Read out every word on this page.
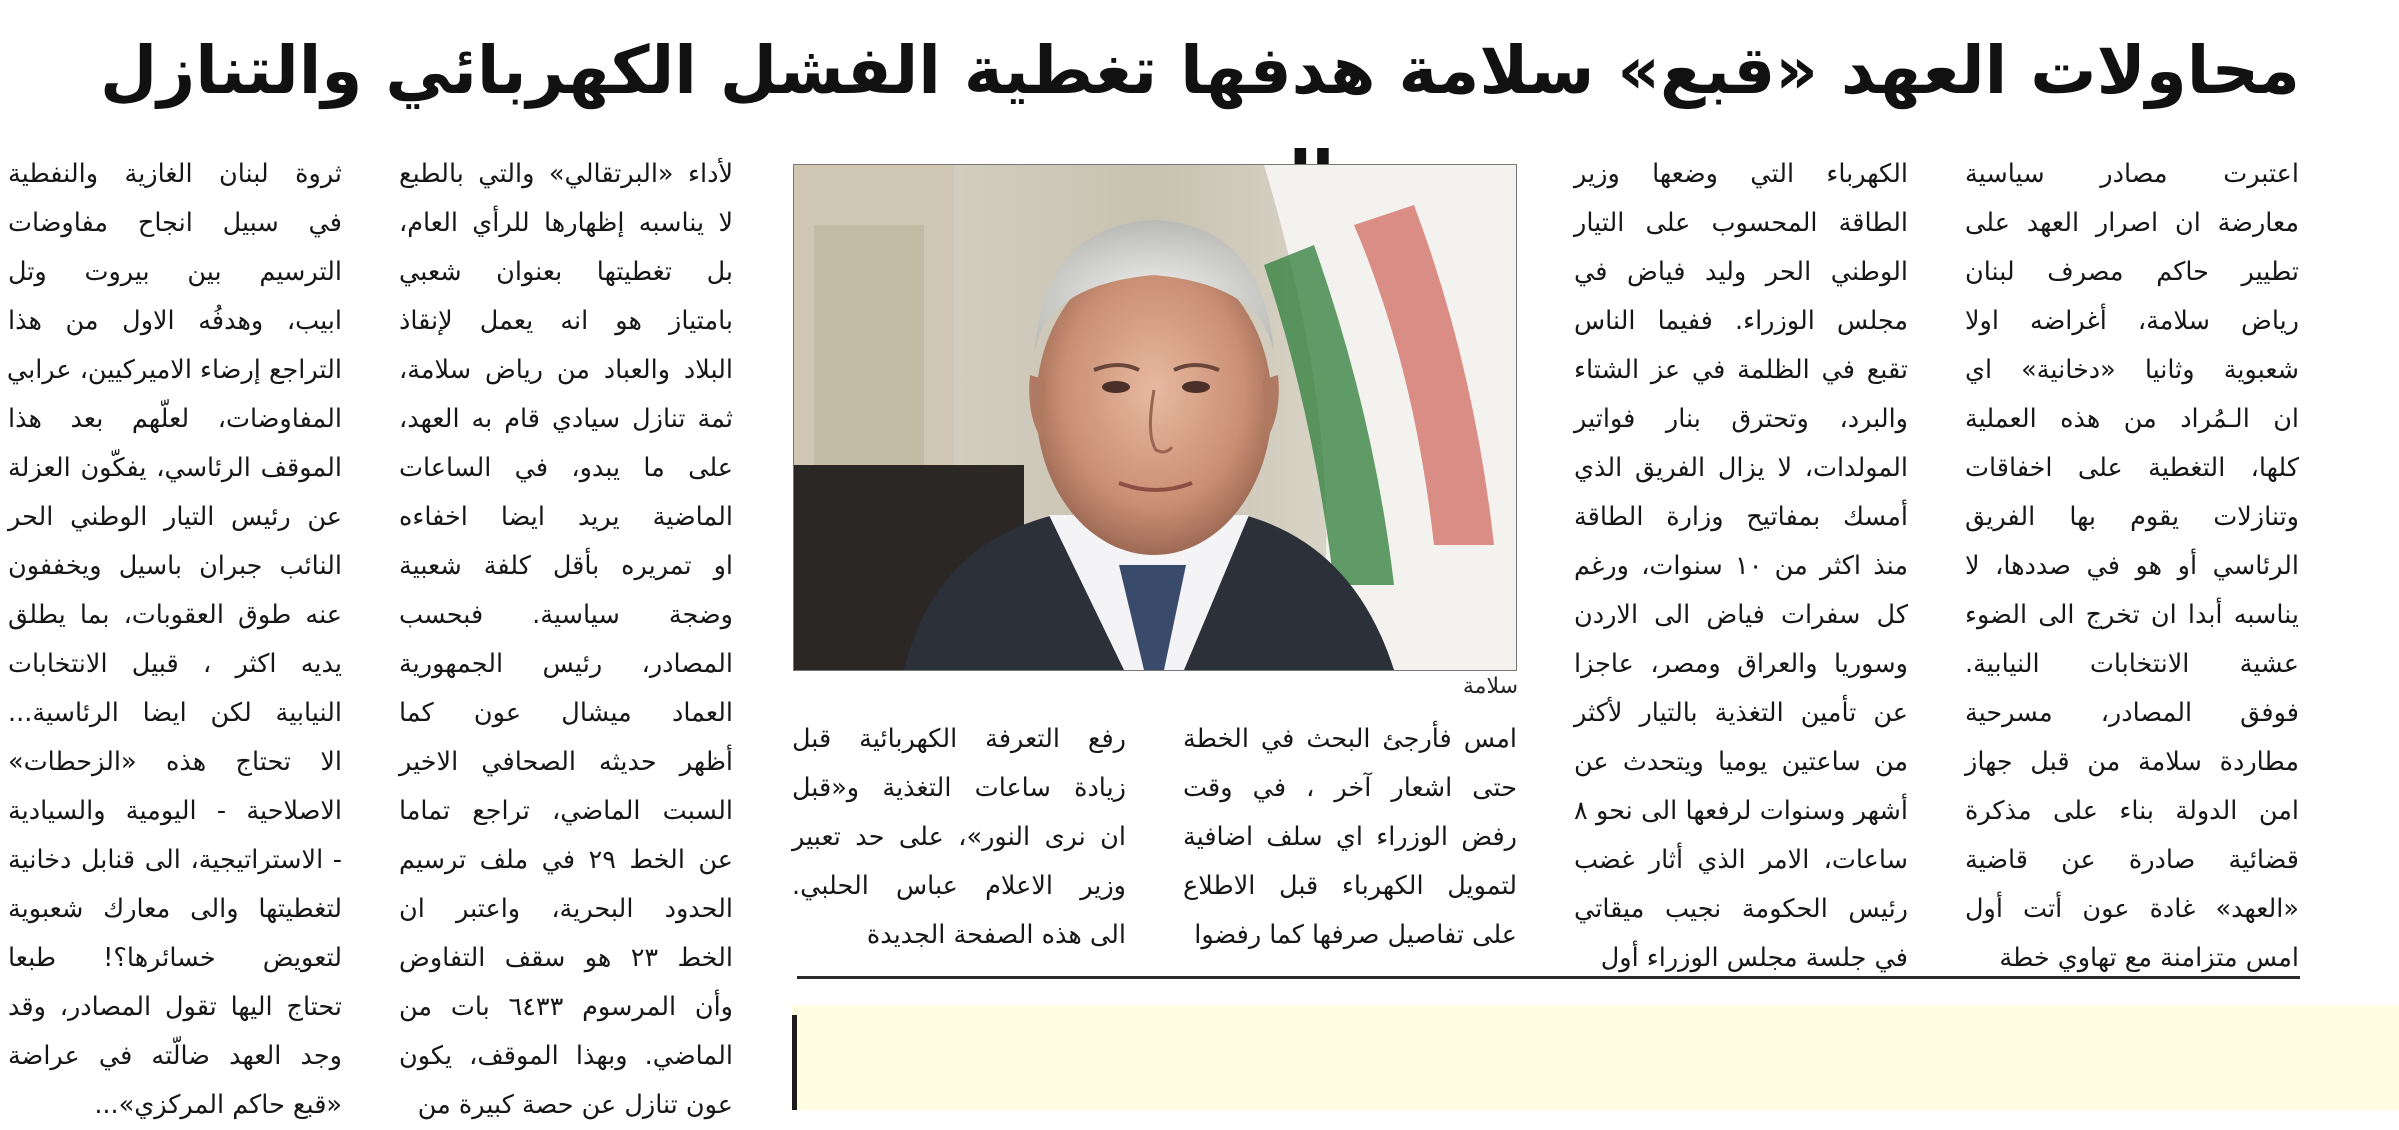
محاولات العهد «قبع» سلامة هدفها تغطية الفشل الكهربائي والتنازل
اعتبرت مصادر سياسية
معارضة ان اصرار العهد على
تطيير حاكم مصرف لبنان
رياض سلامة، أغراضه اولا
شعبوية وثانيا «دخانية» اي
ان الـمُراد من هذه العملية
كلها، التغطية على اخفاقات
وتنازلات يقوم بها الفريق
الرئاسي أو هو في صددها، لا
يناسبه أبدا ان تخرج الى الضوء
عشية الانتخابات النيابية.
فوفق المصادر، مسرحية
مطاردة سلامة من قبل جهاز
امن الدولة بناء على مذكرة
قضائية صادرة عن قاضية
«العهد» غادة عون أتت أول
امس متزامنة مع تهاوي خطة
الكهرباء التي وضعها وزير
الطاقة المحسوب على التيار
الوطني الحر وليد فياض في
مجلس الوزراء. ففيما الناس
تقبع في الظلمة في عز الشتاء
والبرد، وتحترق بنار فواتير
المولدات، لا يزال الفريق الذي
أمسك بمفاتيح وزارة الطاقة
منذ اكثر من ١٠ سنوات، ورغم
كل سفرات فياض الى الاردن
وسوريا والعراق ومصر، عاجزا
عن تأمين التغذية بالتيار لأكثر
من ساعتين يوميا ويتحدث عن
أشهر وسنوات لرفعها الى نحو ٨
ساعات، الامر الذي أثار غضب
رئيس الحكومة نجيب ميقاتي
في جلسة مجلس الوزراء أول
سلامة
امس فأرجئ البحث في الخطة
حتى اشعار آخر ، في وقت
رفض الوزراء اي سلف اضافية
لتمويل الكهرباء قبل الاطلاع
على تفاصيل صرفها كما رفضوا
رفع التعرفة الكهربائية قبل
زيادة ساعات التغذية و«قبل
ان نرى النور»، على حد تعبير
وزير الاعلام عباس الحلبي.
الى هذه الصفحة الجديدة
لأداء «البرتقالي» والتي بالطبع
لا يناسبه إظهارها للرأي العام،
بل تغطيتها بعنوان شعبي
بامتياز هو انه يعمل لإنقاذ
البلاد والعباد من رياض سلامة،
ثمة تنازل سيادي قام به العهد،
على ما يبدو، في الساعات
الماضية يريد ايضا اخفاءه
او تمريره بأقل كلفة شعبية
وضجة سياسية. فبحسب
المصادر، رئيس الجمهورية
العماد ميشال عون كما
أظهر حديثه الصحافي الاخير
السبت الماضي، تراجع تماما
عن الخط ٢٩ في ملف ترسيم
الحدود البحرية، واعتبر ان
الخط ٢٣ هو سقف التفاوض
وأن المرسوم ٦٤٣٣ بات من
الماضي. وبهذا الموقف، يكون
عون تنازل عن حصة كبيرة من
ثروة لبنان الغازية والنفطية
في سبيل انجاح مفاوضات
الترسيم بين بيروت وتل
ابيب، وهدفُه الاول من هذا
التراجع إرضاء الاميركيين، عرابي
المفاوضات، لعلّهم بعد هذا
الموقف الرئاسي، يفكّون العزلة
عن رئيس التيار الوطني الحر
النائب جبران باسيل ويخففون
عنه طوق العقوبات، بما يطلق
يديه اكثر ، قبيل الانتخابات
النيابية لكن ايضا الرئاسية...
الا تحتاج هذه «الزحطات»
الاصلاحية - اليومية والسيادية
- الاستراتيجية، الى قنابل دخانية
لتغطيتها والى معارك شعبوية
لتعويض خسائرها؟! طبعا
تحتاج اليها تقول المصادر، وقد
وجد العهد ضالّته في عراضة
«قبع حاكم المركزي»...
